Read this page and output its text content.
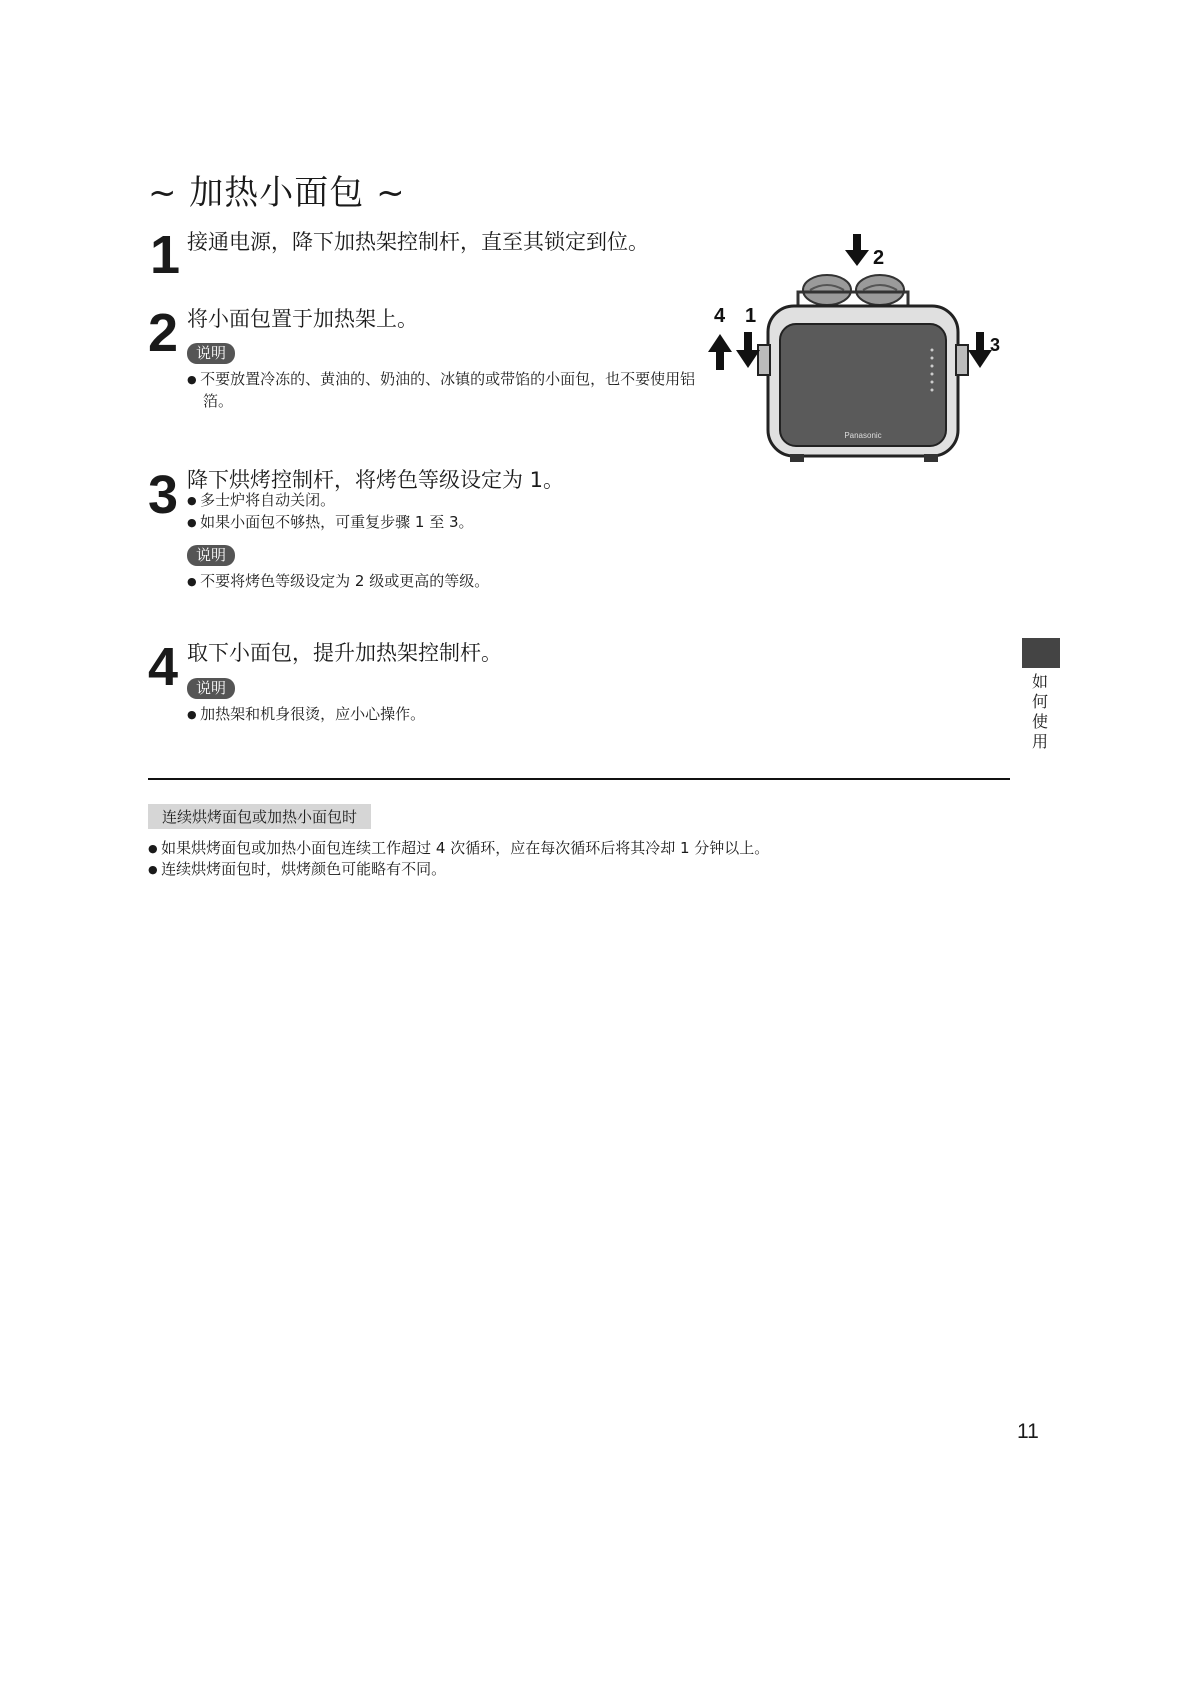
~ 加热小面包 ~
1 接通电源，降下加热架控制杆，直至其锁定到位。
2 将小面包置于加热架上。
说明
● 不要放置冷冻的、黄油的、奶油的、冰镇的或带馅的小面包，也不要使用铝箔。
3 降下烘烤控制杆，将烤色等级设定为 1。
● 多士炉将自动关闭。
● 如果小面包不够热，可重复步骤 1 至 3。
说明
● 不要将烤色等级设定为 2 级或更高的等级。
4 取下小面包，提升加热架控制杆。
说明
● 加热架和机身很烫，应小心操作。
2
Panasonic
4 1
3
如何使用
连续烘烤面包或加热小面包时
● 如果烘烤面包或加热小面包连续工作超过 4 次循环，应在每次循环后将其冷却 1 分钟以上。
● 连续烘烤面包时，烘烤颜色可能略有不同。
11
